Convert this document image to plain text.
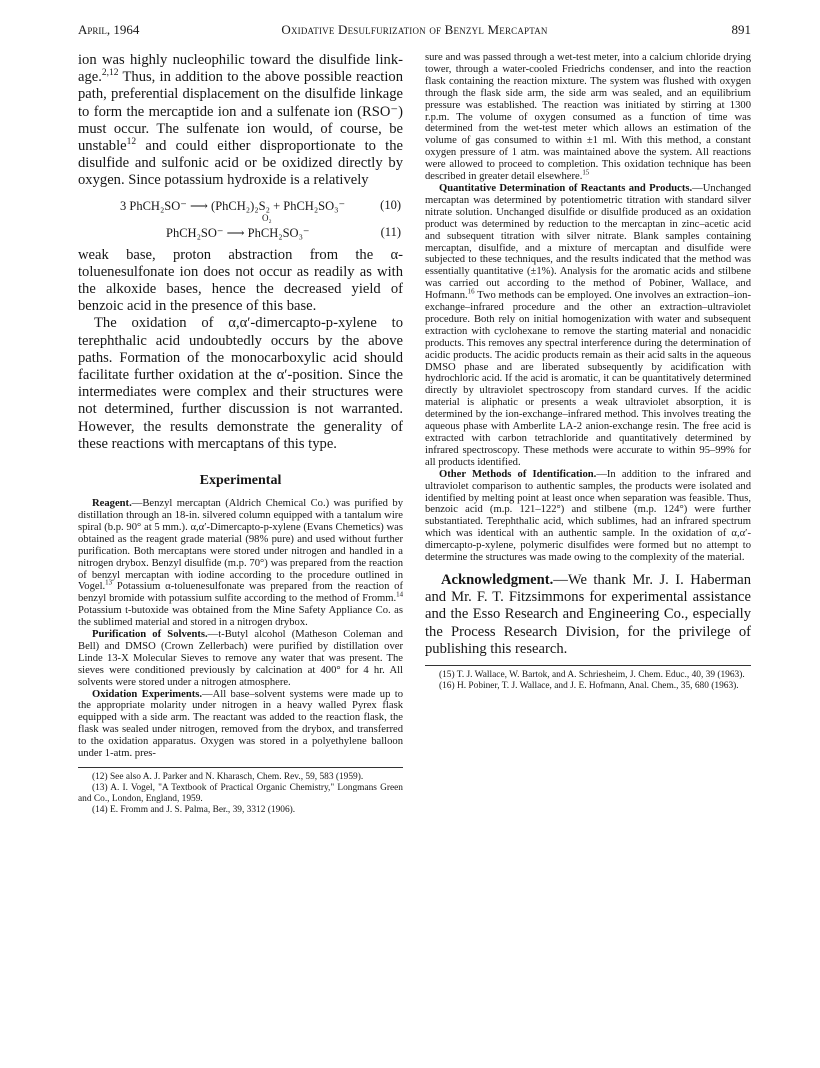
April, 1964	Oxidative Desulfurization of Benzyl Mercaptan	891

ion was highly nucleophilic toward the disulfide link-age.$^{2,12}$ Thus, in addition to the above possible reaction path, preferential displacement on the disulfide linkage to form the mercaptide ion and a sulfenate ion (RSO⁻) must occur. The sulfenate ion would, of course, be unstable$^{12}$ and could either disproportionate to the disulfide and sulfonic acid or be oxidized directly by oxygen. Since potassium hydroxide is a relatively

3 PhCH₂SO⁻ ⟶ (PhCH₂)₂S₂ + PhCH₂SO₃⁻	(10)
O₂
PhCH₂SO⁻ ⟶ PhCH₂SO₃⁻	(11)

weak base, proton abstraction from the α-toluenesulfonate ion does not occur as readily as with the alkoxide bases, hence the decreased yield of benzoic acid in the presence of this base.

The oxidation of α,α′-dimercapto-p-xylene to terephthalic acid undoubtedly occurs by the above paths. Formation of the monocarboxylic acid should facilitate further oxidation at the α′-position. Since the intermediates were complex and their structures were not determined, further discussion is not warranted. However, the results demonstrate the generality of these reactions with mercaptans of this type.

Experimental

Reagent.—Benzyl mercaptan (Aldrich Chemical Co.) was purified by distillation through an 18-in. silvered column equipped with a tantalum wire spiral (b.p. 90° at 5 mm.). α,α′-Dimercapto-p-xylene (Evans Chemetics) was obtained as the reagent grade material (98% pure) and used without further purification. Both mercaptans were stored under nitrogen and handled in a nitrogen drybox. Benzyl disulfide (m.p. 70°) was prepared from the reaction of benzyl mercaptan with iodine according to the procedure outlined in Vogel.$^{13}$ Potassium α-toluenesulfonate was prepared from the reaction of benzyl bromide with potassium sulfite according to the method of Fromm.$^{14}$ Potassium t-butoxide was obtained from the Mine Safety Appliance Co. as the sublimed material and stored in a nitrogen drybox.

Purification of Solvents.—t-Butyl alcohol (Matheson Coleman and Bell) and DMSO (Crown Zellerbach) were purified by distillation over Linde 13-X Molecular Sieves to remove any water that was present. The sieves were conditioned previously by calcination at 400° for 4 hr. All solvents were stored under a nitrogen atmosphere.

Oxidation Experiments.—All base–solvent systems were made up to the appropriate molarity under nitrogen in a heavy walled Pyrex flask equipped with a side arm. The reactant was added to the reaction flask, the flask was sealed under nitrogen, removed from the drybox, and transferred to the oxidation apparatus. Oxygen was stored in a polyethylene balloon under 1-atm. pres-

(12) See also A. J. Parker and N. Kharasch, Chem. Rev., 59, 583 (1959).

(13) A. I. Vogel, "A Textbook of Practical Organic Chemistry," Longmans Green and Co., London, England, 1959.

(14) E. Fromm and J. S. Palma, Ber., 39, 3312 (1906).

sure and was passed through a wet-test meter, into a calcium chloride drying tower, through a water-cooled Friedrichs condenser, and into the reaction flask containing the reaction mixture. The system was flushed with oxygen through the flask side arm, the side arm was sealed, and an equilibrium pressure was established. The reaction was initiated by stirring at 1300 r.p.m. The volume of oxygen consumed as a function of time was determined from the wet-test meter which allows an estimation of the volume of gas consumed to within ±1 ml. With this method, a constant oxygen pressure of 1 atm. was maintained above the system. All reactions were allowed to proceed to completion. This oxidation technique has been described in greater detail elsewhere.$^{15}$

Quantitative Determination of Reactants and Products.—Unchanged mercaptan was determined by potentiometric titration with standard silver nitrate solution. Unchanged disulfide or disulfide produced as an oxidation product was determined by reduction to the mercaptan in zinc–acetic acid and subsequent titration with silver nitrate. Blank samples containing mercaptan, disulfide, and a mixture of mercaptan and disulfide were subjected to these techniques, and the results indicated that the method was essentially quantitative (±1%). Analysis for the aromatic acids and stilbene was carried out according to the method of Pobiner, Wallace, and Hofmann.$^{16}$ Two methods can be employed. One involves an extraction–ion-exchange–infrared procedure and the other an extraction–ultraviolet procedure. Both rely on initial homogenization with water and subsequent extraction with cyclohexane to remove the starting material and nonacidic products. This removes any spectral interference during the determination of acidic products. The acidic products remain as their acid salts in the aqueous DMSO phase and are liberated subsequently by acidification with hydrochloric acid. If the acid is aromatic, it can be quantitatively determined directly by ultraviolet spectroscopy from standard curves. If the acidic material is aliphatic or presents a weak ultraviolet absorption, it is determined by the ion-exchange–infrared method. This involves treating the aqueous phase with Amberlite LA-2 anion-exchange resin. The free acid is extracted with carbon tetrachloride and quantitatively determined by infrared spectroscopy. These methods were accurate to within 95–99% for all products identified.

Other Methods of Identification.—In addition to the infrared and ultraviolet comparison to authentic samples, the products were isolated and identified by melting point at least once when separation was feasible. Thus, benzoic acid (m.p. 121–122°) and stilbene (m.p. 124°) were further substantiated. Terephthalic acid, which sublimes, had an infrared spectrum which was identical with an authentic sample. In the oxidation of α,α′-dimercapto-p-xylene, polymeric disulfides were formed but no attempt to determine the structures was made owing to the complexity of the material.

Acknowledgment.—We thank Mr. J. I. Haberman and Mr. F. T. Fitzsimmons for experimental assistance and the Esso Research and Engineering Co., especially the Process Research Division, for the privilege of publishing this research.

(15) T. J. Wallace, W. Bartok, and A. Schriesheim, J. Chem. Educ., 40, 39 (1963).

(16) H. Pobiner, T. J. Wallace, and J. E. Hofmann, Anal. Chem., 35, 680 (1963).
